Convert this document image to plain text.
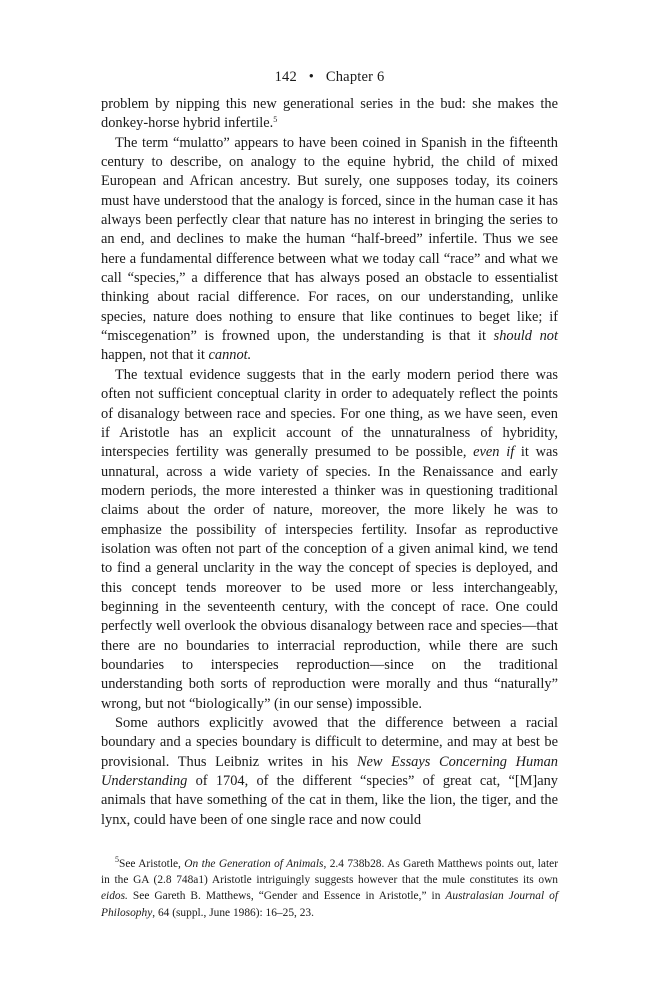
142 • Chapter 6

problem by nipping this new generational series in the bud: she makes the donkey-horse hybrid infertile.$^5$

The term “mulatto” appears to have been coined in Spanish in the fifteenth century to describe, on analogy to the equine hybrid, the child of mixed European and African ancestry. But surely, one supposes today, its coiners must have understood that the analogy is forced, since in the human case it has always been perfectly clear that nature has no interest in bringing the series to an end, and declines to make the human “half-breed” infertile. Thus we see here a fundamental difference between what we today call “race” and what we call “species,” a difference that has always posed an obstacle to essentialist thinking about racial difference. For races, on our understanding, unlike species, nature does nothing to ensure that like continues to beget like; if “miscegenation” is frowned upon, the understanding is that it should not happen, not that it cannot.

The textual evidence suggests that in the early modern period there was often not sufficient conceptual clarity in order to adequately reflect the points of disanalogy between race and species. For one thing, as we have seen, even if Aristotle has an explicit account of the unnaturalness of hybridity, interspecies fertility was generally presumed to be possible, even if it was unnatural, across a wide variety of species. In the Renaissance and early modern periods, the more interested a thinker was in questioning traditional claims about the order of nature, moreover, the more likely he was to emphasize the possibility of interspecies fertility. Insofar as reproductive isolation was often not part of the conception of a given animal kind, we tend to find a general unclarity in the way the concept of species is deployed, and this concept tends moreover to be used more or less interchangeably, beginning in the seventeenth century, with the concept of race. One could perfectly well overlook the obvious disanalogy between race and species—that there are no boundaries to interracial reproduction, while there are such boundaries to interspecies reproduction—since on the traditional understanding both sorts of reproduction were morally and thus “naturally” wrong, but not “biologically” (in our sense) impossible.

Some authors explicitly avowed that the difference between a racial boundary and a species boundary is difficult to determine, and may at best be provisional. Thus Leibniz writes in his New Essays Concerning Human Understanding of 1704, of the different “species” of great cat, “[M]any animals that have something of the cat in them, like the lion, the tiger, and the lynx, could have been of one single race and now could

$^5$See Aristotle, On the Generation of Animals, 2.4 738b28. As Gareth Matthews points out, later in the GA (2.8 748a1) Aristotle intriguingly suggests however that the mule constitutes its own eidos. See Gareth B. Matthews, “Gender and Essence in Aristotle,” in Australasian Journal of Philosophy, 64 (suppl., June 1986): 16–25, 23.
